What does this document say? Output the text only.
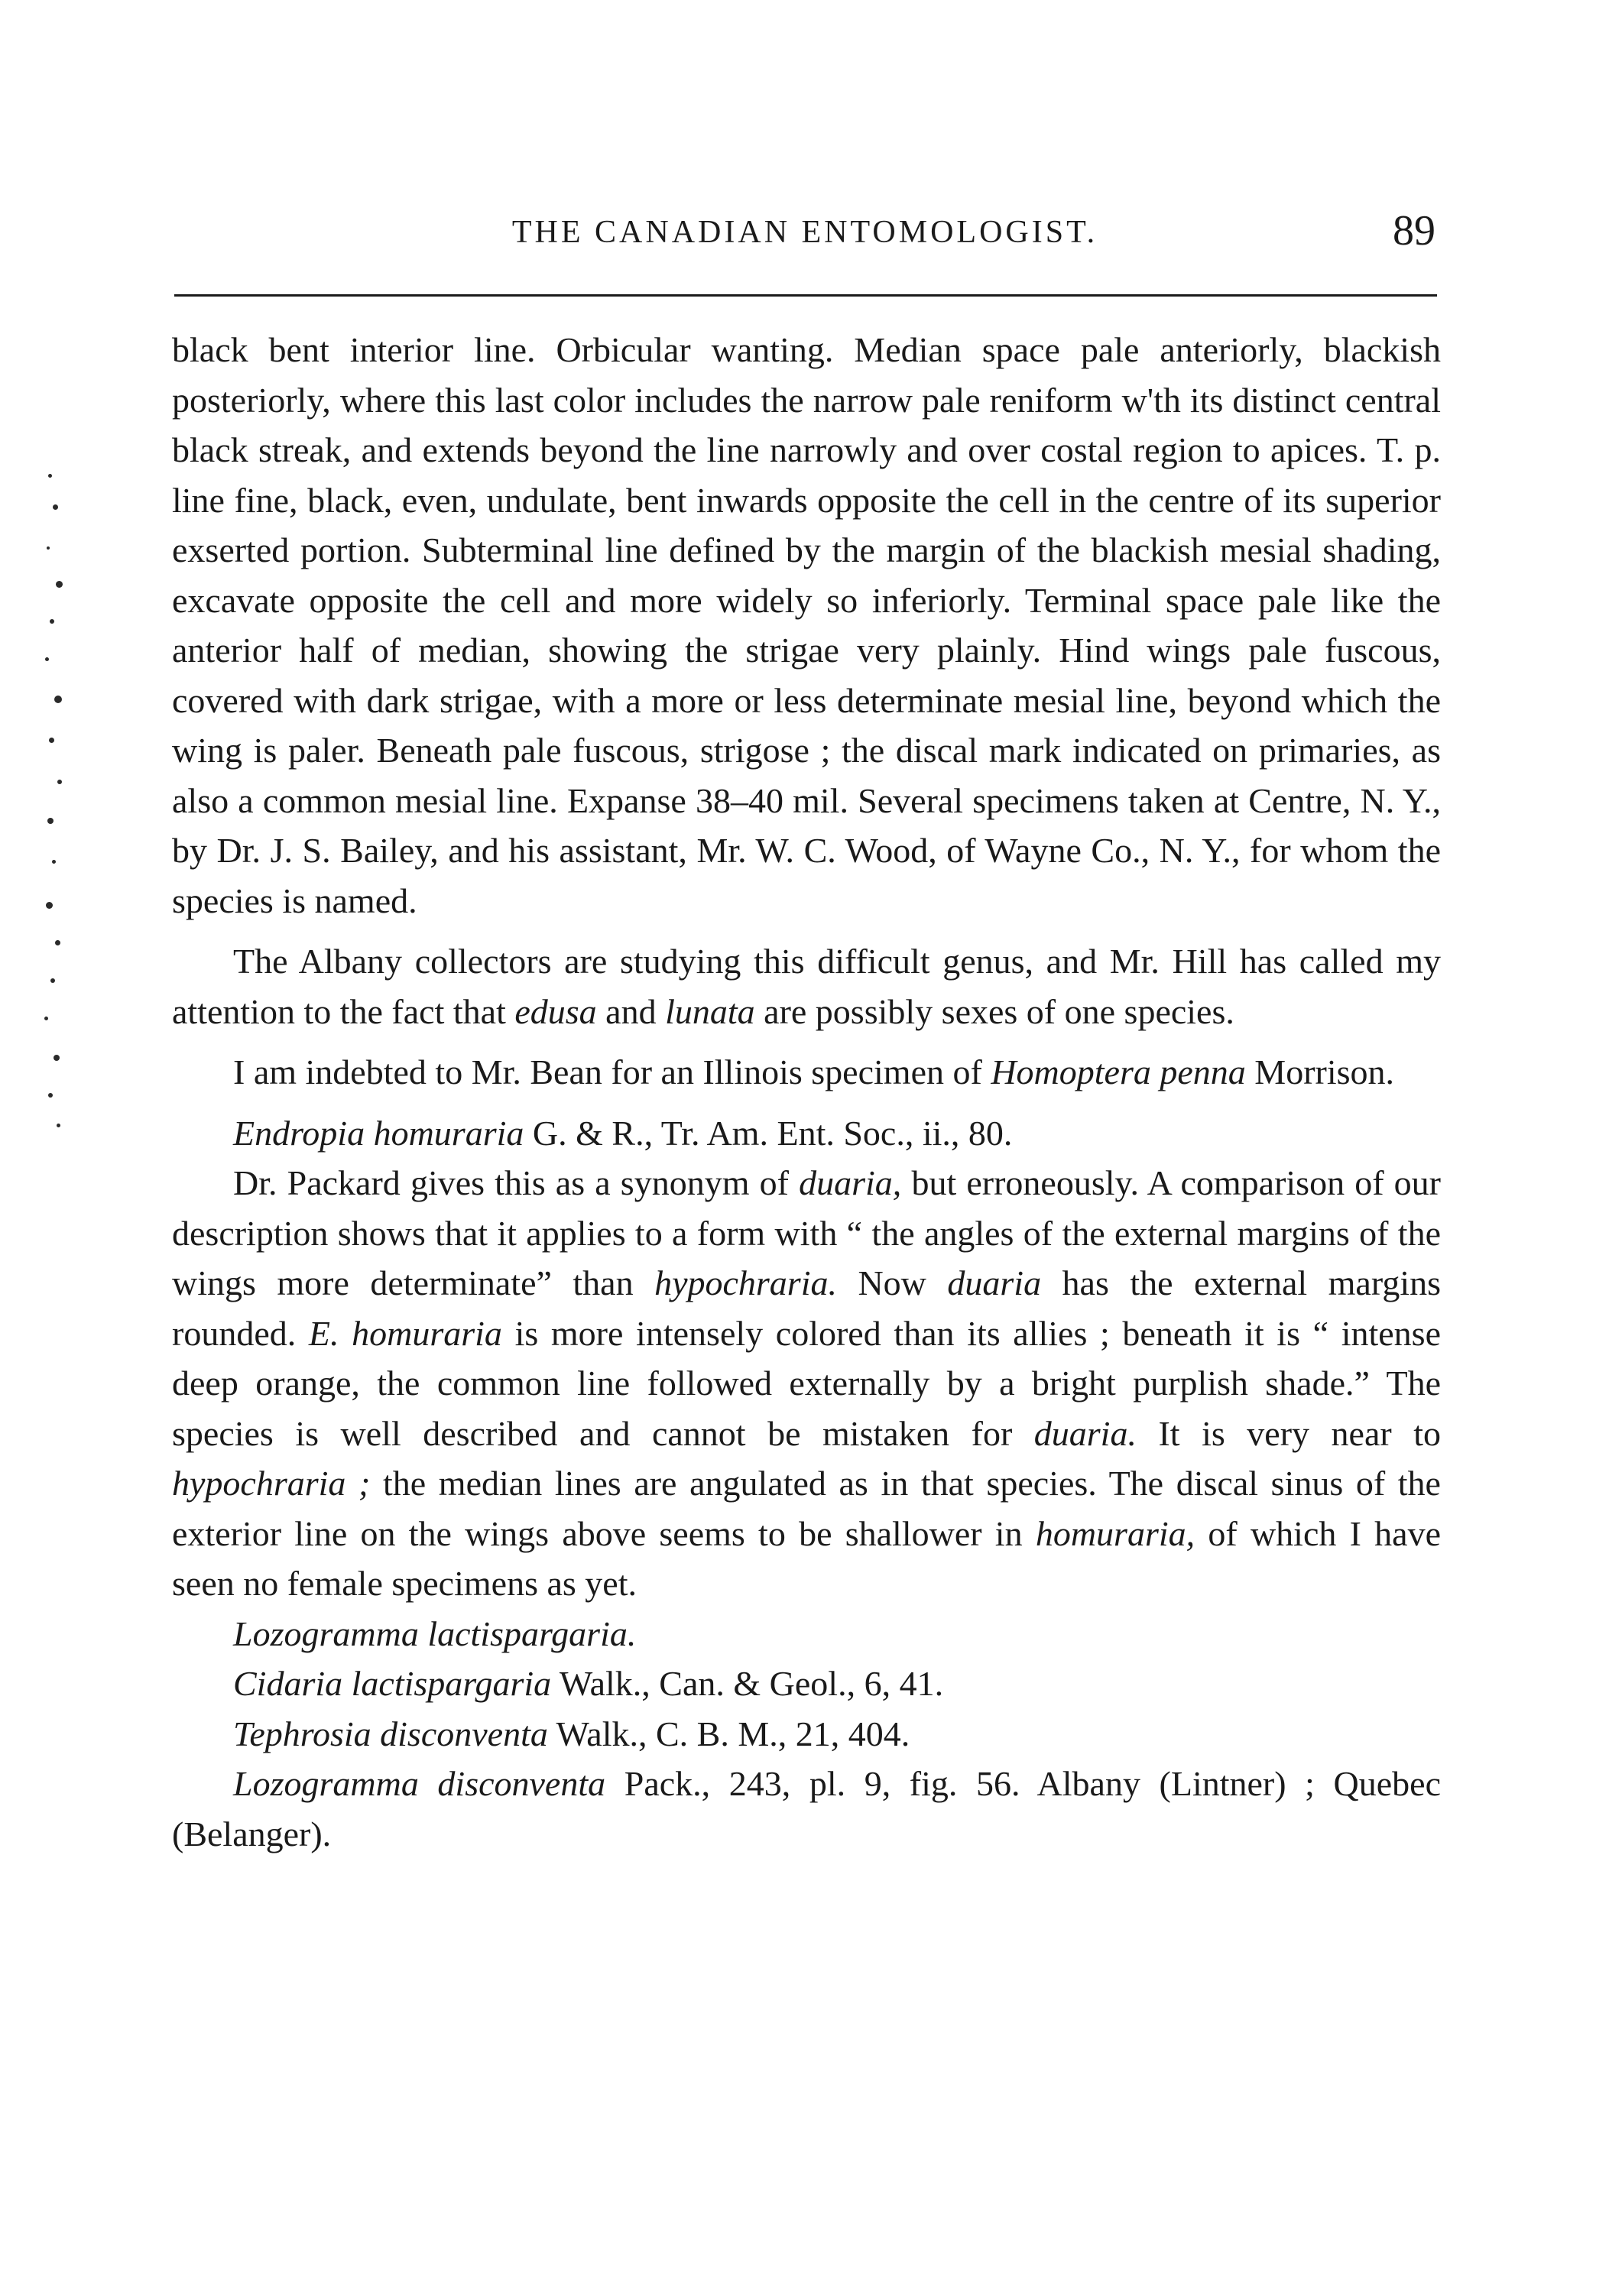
THE CANADIAN ENTOMOLOGIST.	89

black bent interior line. Orbicular wanting. Median space pale anteriorly, blackish posteriorly, where this last color includes the narrow pale reniform w'th its distinct central black streak, and extends beyond the line narrowly and over costal region to apices. T. p. line fine, black, even, undulate, bent inwards opposite the cell in the centre of its superior exserted portion. Subterminal line defined by the margin of the blackish mesial shading, excavate opposite the cell and more widely so inferiorly. Terminal space pale like the anterior half of median, showing the strigae very plainly. Hind wings pale fuscous, covered with dark strigae, with a more or less determinate mesial line, beyond which the wing is paler. Beneath pale fuscous, strigose ; the discal mark indicated on primaries, as also a common mesial line. Expanse 38–40 mil. Several specimens taken at Centre, N. Y., by Dr. J. S. Bailey, and his assistant, Mr. W. C. Wood, of Wayne Co., N. Y., for whom the species is named.

The Albany collectors are studying this difficult genus, and Mr. Hill has called my attention to the fact that edusa and lunata are possibly sexes of one species.

I am indebted to Mr. Bean for an Illinois specimen of Homoptera penna Morrison.

Endropia homuraria G. & R., Tr. Am. Ent. Soc., ii., 80.

Dr. Packard gives this as a synonym of duaria, but erroneously. A comparison of our description shows that it applies to a form with “ the angles of the external margins of the wings more determinate” than hypochraria. Now duaria has the external margins rounded. E. homuraria is more intensely colored than its allies ; beneath it is “ intense deep orange, the common line followed externally by a bright purplish shade.” The species is well described and cannot be mistaken for duaria. It is very near to hypochraria ; the median lines are angulated as in that species. The discal sinus of the exterior line on the wings above seems to be shallower in homuraria, of which I have seen no female specimens as yet.

Lozogramma lactispargaria.

Cidaria lactispargaria Walk., Can. & Geol., 6, 41.

Tephrosia disconventa Walk., C. B. M., 21, 404.

Lozogramma disconventa Pack., 243, pl. 9, fig. 56. Albany (Lintner) ; Quebec (Belanger).
